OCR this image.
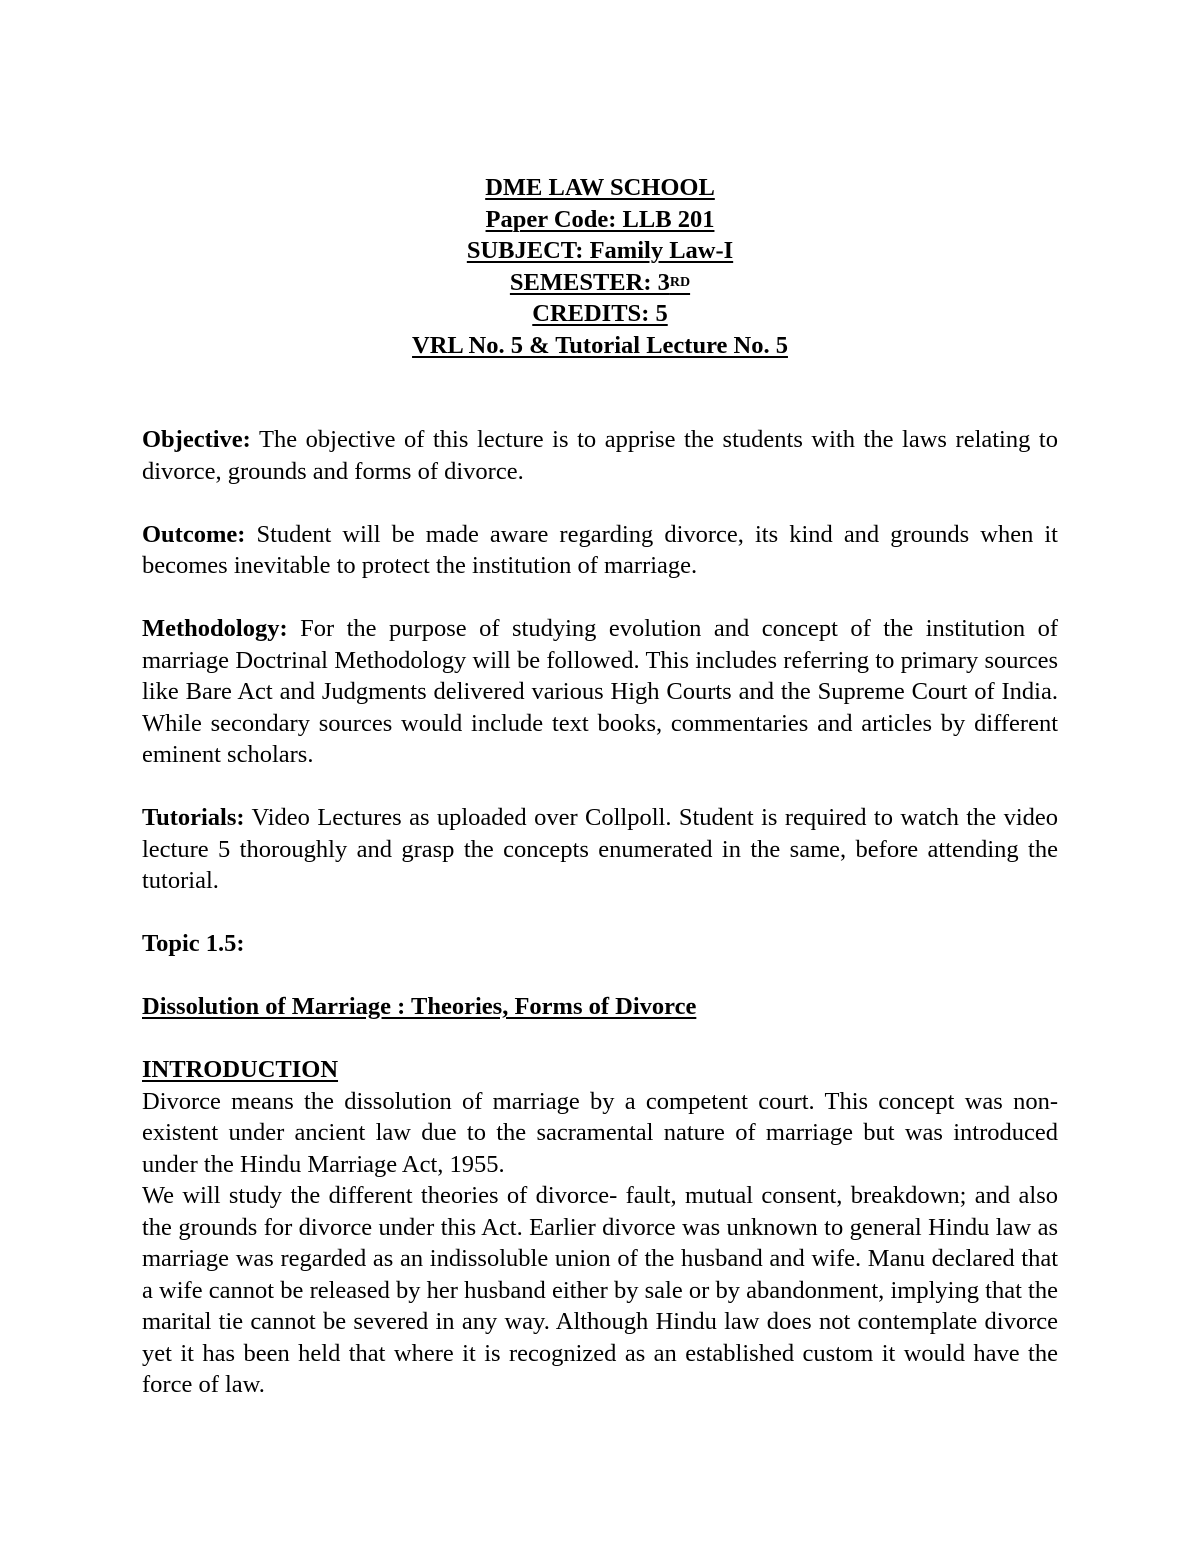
DME LAW SCHOOL
Paper Code: LLB 201
SUBJECT: Family Law-I
SEMESTER: 3RD
CREDITS: 5
VRL No. 5 & Tutorial Lecture No. 5

Objective: The objective of this lecture is to apprise the students with the laws relating to divorce, grounds and forms of divorce.

Outcome: Student will be made aware regarding divorce, its kind and grounds when it becomes inevitable to protect the institution of marriage.

Methodology: For the purpose of studying evolution and concept of the institution of marriage Doctrinal Methodology will be followed. This includes referring to primary sources like Bare Act and Judgments delivered various High Courts and the Supreme Court of India. While secondary sources would include text books, commentaries and articles by different eminent scholars.

Tutorials: Video Lectures as uploaded over Collpoll. Student is required to watch the video lecture 5 thoroughly and grasp the concepts enumerated in the same, before attending the tutorial.

Topic 1.5:

Dissolution of Marriage : Theories, Forms of Divorce

INTRODUCTION

Divorce means the dissolution of marriage by a competent court. This concept was non-existent under ancient law due to the sacramental nature of marriage but was introduced under the Hindu Marriage Act, 1955.

We will study the different theories of divorce- fault, mutual consent, breakdown; and also the grounds for divorce under this Act. Earlier divorce was unknown to general Hindu law as marriage was regarded as an indissoluble union of the husband and wife. Manu declared that a wife cannot be released by her husband either by sale or by abandonment, implying that the marital tie cannot be severed in any way. Although Hindu law does not contemplate divorce yet it has been held that where it is recognized as an established custom it would have the force of law.
